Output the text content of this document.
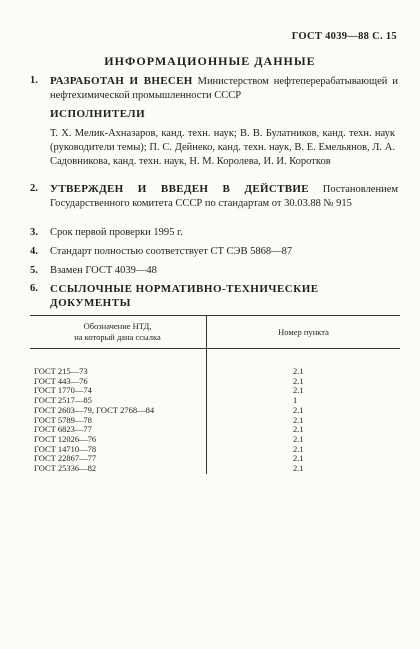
ГОСТ 4039—88 С. 15
ИНФОРМАЦИОННЫЕ ДАННЫЕ
1. РАЗРАБОТАН И ВНЕСЕН Министерством нефтеперерабатывающей и нефтехимической промышленности СССР
ИСПОЛНИТЕЛИ
Т. Х. Мелик-Ахназаров, канд. техн. наук; В. В. Булатников, канд. техн. наук (руководители темы); П. С. Дейнеко, канд. техн. наук, В. Е. Емельянов, Л. А. Садовникова, канд. техн. наук, Н. М. Королева, И. И. Коротков
2. УТВЕРЖДЕН И ВВЕДЕН В ДЕЙСТВИЕ Постановлением Государственного комитета СССР по стандартам от 30.03.88 № 915
3. Срок первой проверки 1995 г.
4. Стандарт полностью соответствует СТ СЭВ 5868—87
5. Взамен ГОСТ 4039—48
6. ССЫЛОЧНЫЕ НОРМАТИВНО-ТЕХНИЧЕСКИЕ ДОКУМЕНТЫ
Обозначение НТД,
на который дана ссылка	Номер пункта

ГОСТ 215—73	2.1
ГОСТ 443—76	2.1
ГОСТ 1770—74	2.1
ГОСТ 2517—85	1
ГОСТ 2603—79, ГОСТ 2768—84	2.1
ГОСТ 5789—78	2.1
ГОСТ 6823—77	2.1
ГОСТ 12026—76	2.1
ГОСТ 14710—78	2.1
ГОСТ 22867—77	2.1
ГОСТ 25336—82	2.1
